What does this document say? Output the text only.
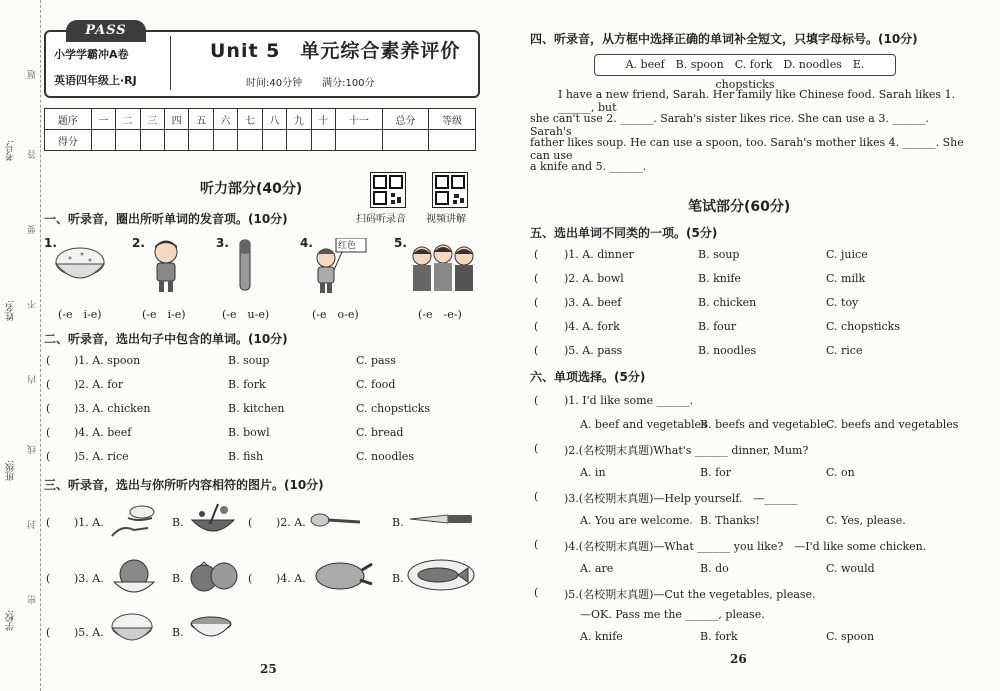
学校:
班级:
姓名:
考号:
题
答
要
不
内
线
封
密
PASS
小学学霸冲A卷
英语四年级上·RJ
Unit 5　单元综合素养评价
时间:40分钟　　满分:100分
题序	一	二	三	四	五	六	七	八	九	十	十一	总分	等级
得分													
听力部分(40分)
扫码听录音 视频讲解
一、听录音，圈出所听单词的发音项。(10分)
1.	2.	3.	4.	红色	5.
(-e　i-e)	(-e　i-e)	(-e　u-e)	(-e　o-e)	(-e　-e-)
二、听录音，选出句子中包含的单词。(10分)
( )1. A. spoon	B. soup	C. pass
( )2. A. for	B. fork	C. food
( )3. A. chicken	B. kitchen	C. chopsticks
( )4. A. beef	B. bowl	C. bread
( )5. A. rice	B. fish	C. noodles
三、听录音，选出与你所听内容相符的图片。(10分)
( )1. A.	B.	( )2. A.	B.
( )3. A.	B.	( )4. A.	B.
( )5. A.	B.
25
四、听录音，从方框中选择正确的单词补全短文，只填字母标号。(10分)
A. beef　B. spoon　C. fork　D. noodles　E. chopsticks
I have a new friend, Sarah. Her family like Chinese food. Sarah likes 1. ______, but
she can't use 2. ______. Sarah's sister likes rice. She can use a 3. ______. Sarah's
father likes soup. He can use a spoon, too. Sarah's mother likes 4. ______. She can use
a knife and 5. ______.
笔试部分(60分)
五、选出单词不同类的一项。(5分)
( )1. A. dinner	B. soup	C. juice
( )2. A. bowl	B. knife	C. milk
( )3. A. beef	B. chicken	C. toy
( )4. A. fork	B. four	C. chopsticks
( )5. A. pass	B. noodles	C. rice
六、单项选择。(5分)
( )1. I'd like some ______.
A. beef and vegetables
B. beefs and vegetable C. beefs and vegetables
( )2.(名校期末真题)What's ______ dinner, Mum?
A. in	B. for	C. on
( )3.(名校期末真题)—Help yourself.　—______
A. You are welcome. B. Thanks!	C. Yes, please.
( )4.(名校期末真题)—What ______ you like?　—I'd like some chicken.
A. are	B. do	C. would
( )5.(名校期末真题)—Cut the vegetables, please.
—OK. Pass me the ______, please.
A. knife	B. fork	C. spoon
26
